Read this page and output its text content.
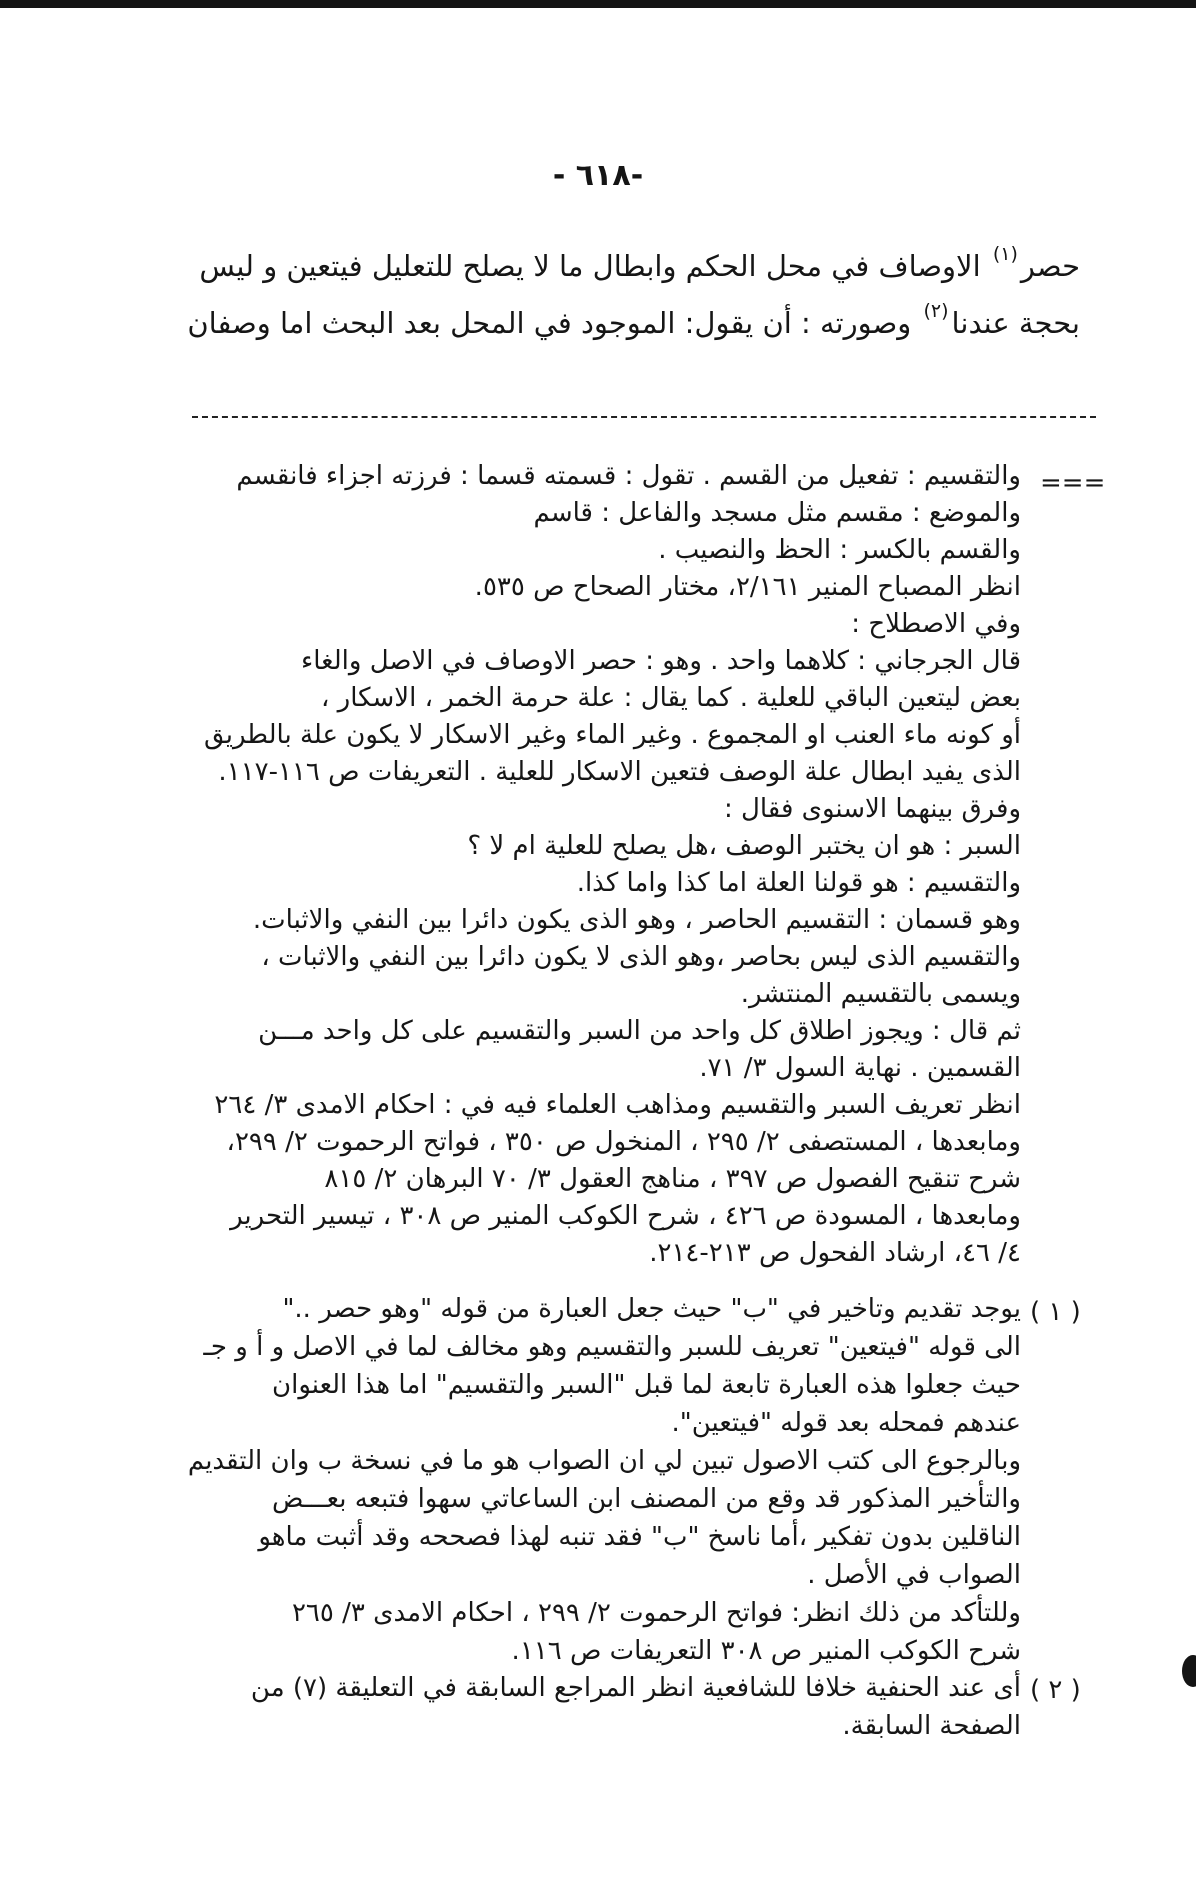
- ٦١٨-
حصر$^{(١)}$ الاوصاف في محل الحكم وابطال ما لا يصلح للتعليل فيتعين و ليس
بحجة عندنا$^{(٢)}$ وصورته : أن يقول: الموجود في المحل بعد البحث اما وصفان
===
والتقسيم : تفعيل من القسم . تقول : قسمته قسما : فرزته اجزاء فانقسم
والموضع : مقسم مثل مسجد والفاعل : قاسم
والقسم بالكسر : الحظ والنصيب .
انظر المصباح المنير ٢/١٦١، مختار الصحاح ص ٥٣٥.
وفي الاصطلاح :
قال الجرجاني : كلاهما واحد . وهو : حصر الاوصاف في الاصل والغاء
بعض ليتعين الباقي للعلية . كما يقال : علة حرمة الخمر ، الاسكار ،
أو كونه ماء العنب او المجموع . وغير الماء وغير الاسكار لا يكون علة بالطريق
الذى يفيد ابطال علة الوصف فتعين الاسكار للعلية . التعريفات ص ١١٦-١١٧.
وفرق بينهما الاسنوى فقال :
السبر : هو ان يختبر الوصف ،هل يصلح للعلية ام لا ؟
والتقسيم : هو قولنا العلة اما كذا واما كذا.
وهو قسمان : التقسيم الحاصر ، وهو الذى يكون دائرا بين النفي والاثبات.
والتقسيم الذى ليس بحاصر ،وهو الذى لا يكون دائرا بين النفي والاثبات ،
ويسمى بالتقسيم المنتشر.
ثم قال : ويجوز اطلاق كل واحد من السبر والتقسيم على كل واحد مـــن
القسمين . نهاية السول ٣/ ٧١.
انظر تعريف السبر والتقسيم ومذاهب العلماء فيه في : احكام الامدى ٣/ ٢٦٤
ومابعدها ، المستصفى ٢/ ٢٩٥ ، المنخول ص ٣٥٠ ، فواتح الرحموت ٢/ ٢٩٩،
شرح تنقيح الفصول ص ٣٩٧ ، مناهج العقول ٣/ ٧٠ البرهان ٢/ ٨١٥
ومابعدها ، المسودة ص ٤٢٦ ، شرح الكوكب المنير ص ٣٠٨ ، تيسير التحرير
٤/ ٤٦، ارشاد الفحول ص ٢١٣-٢١٤.
( ١ )
يوجد تقديم وتاخير في "ب" حيث جعل العبارة من قوله "وهو حصر .."
الى قوله "فيتعين" تعريف للسبر والتقسيم وهو مخالف لما في الاصل و أ و جـ
حيث جعلوا هذه العبارة تابعة لما قبل "السبر والتقسيم" اما هذا العنوان
عندهم فمحله بعد قوله "فيتعين".
وبالرجوع الى كتب الاصول تبين لي ان الصواب هو ما في نسخة ب وان التقديم
والتأخير المذكور قد وقع من المصنف ابن الساعاتي سهوا فتبعه بعـــض
الناقلين بدون تفكير ،أما ناسخ "ب" فقد تنبه لهذا فصححه وقد أثبت ماهو
الصواب في الأصل .
وللتأكد من ذلك انظر: فواتح الرحموت ٢/ ٢٩٩ ، احكام الامدى ٣/ ٢٦٥
شرح الكوكب المنير ص ٣٠٨ التعريفات ص ١١٦.
( ٢ )
أى عند الحنفية خلافا للشافعية انظر المراجع السابقة في التعليقة (٧) من
الصفحة السابقة.
